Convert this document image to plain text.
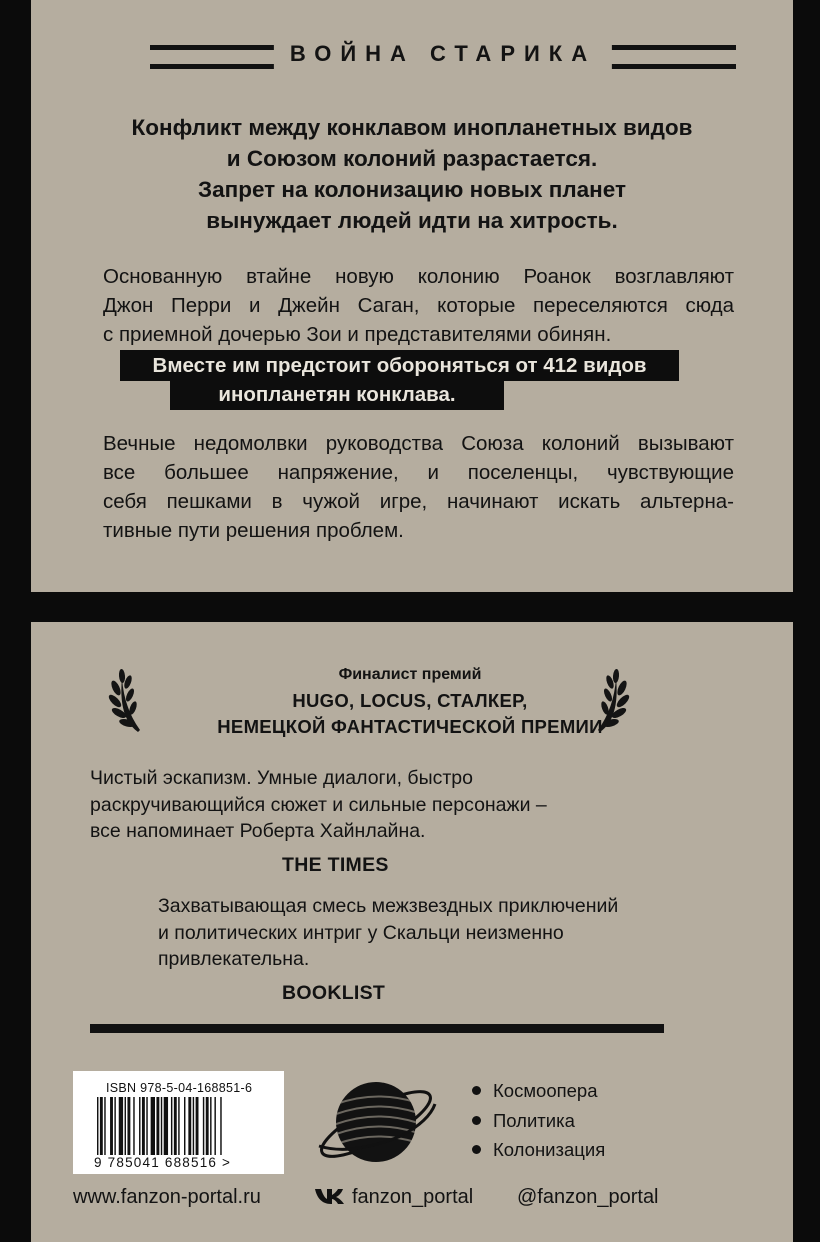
ВОЙНА СТАРИКА
Конфликт между конклавом инопланетных видов
и Союзом колоний разрастается.
Запрет на колонизацию новых планет
вынуждает людей идти на хитрость.
Основанную втайне новую колонию Роанок возглавляют
Джон Перри и Джейн Саган, которые переселяются сюда
с приемной дочерью Зои и представителями обинян.
Вместе им предстоит обороняться от 412 видов
инопланетян конклава.
Вечные недомолвки руководства Союза колоний вызывают
все большее напряжение, и поселенцы, чувствующие
себя пешками в чужой игре, начинают искать альтерна-
тивные пути решения проблем.
Финалист премий
HUGO, LOCUS, СТАЛКЕР,
НЕМЕЦКОЙ ФАНТАСТИЧЕСКОЙ ПРЕМИИ
Чистый эскапизм. Умные диалоги, быстро
раскручивающийся сюжет и сильные персонажи –
все напоминает Роберта Хайнлайна.
THE TIMES
Захватывающая смесь межзвездных приключений
и политических интриг у Скальци неизменно
привлекательна.
BOOKLIST
ISBN 978-5-04-168851-6
9 785041 688516 >
Космоопера
Политика
Колонизация
www.fanzon-portal.ru	fanzon_portal @fanzon_portal
